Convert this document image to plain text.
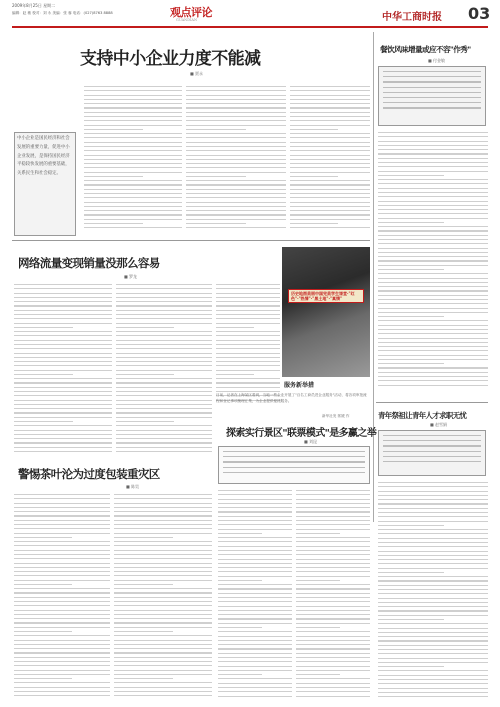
2009年8月25日 星期二
编辑：赵 敏 校对：刘 永 美编：张 蓉 电话：(027)8763 8888	观点评论
GUANDIAN	中华工商时报 03
支持中小企业力度不能减
■ 贾永
中小企业是国民经济和社会发展的重要力量，促进中小企业发展，是保持国民经济平稳较快发展的重要基础，关系民生和社会稳定。
餐饮风味增量或应不容"作秀"
■ 付金敏
网络流量变现销量没那么容易
■ 罗龙
历史地图美丽中国完美学生课堂·"红色"·"热情"·"黑土地"·"真情"
服务新举措
日前，记者在上海某区看到，当地一些企业开展了"百名工商员进企业服务"活动，将各项审批流程和登记事项梳理汇集，为企业提供便捷服务。
新华社发 郭媛 作
探索实行景区"联票模式"是多赢之举
■ 刘昆
警惕茶叶沦为过度包装重灾区
■ 陈昊
青年祭祖让青年人才求职无忧
■ 赵雪娟
